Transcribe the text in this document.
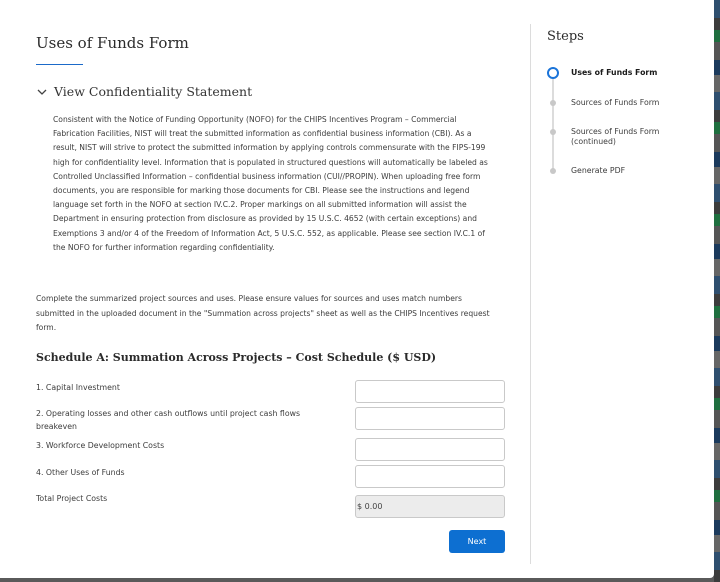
Uses of Funds Form
View Confidentiality Statement

Consistent with the Notice of Funding Opportunity (NOFO) for the CHIPS Incentives Program – Commercial Fabrication Facilities, NIST will treat the submitted information as confidential business information (CBI). As a result, NIST will strive to protect the submitted information by applying controls commensurate with the FIPS-199 high for confidentiality level. Information that is populated in structured questions will automatically be labeled as Controlled Unclassified Information – confidential business information (CUI//PROPIN). When uploading free form documents, you are responsible for marking those documents for CBI. Please see the instructions and legend language set forth in the NOFO at section IV.C.2. Proper markings on all submitted information will assist the Department in ensuring protection from disclosure as provided by 15 U.S.C. 4652 (with certain exceptions) and Exemptions 3 and/or 4 of the Freedom of Information Act, 5 U.S.C. 552, as applicable. Please see section IV.C.1 of the NOFO for further information regarding confidentiality.

Complete the summarized project sources and uses. Please ensure values for sources and uses match numbers submitted in the uploaded document in the "Summation across projects" sheet as well as the CHIPS Incentives request form.

Schedule A: Summation Across Projects – Cost Schedule ($ USD)
1. Capital Investment
2. Operating losses and other cash outflows until project cash flows breakeven
3. Workforce Development Costs
4. Other Uses of Funds
Total Project Costs
$ 0.00
Next
Steps
Uses of Funds Form
Sources of Funds Form
Sources of Funds Form (continued)
Generate PDF
